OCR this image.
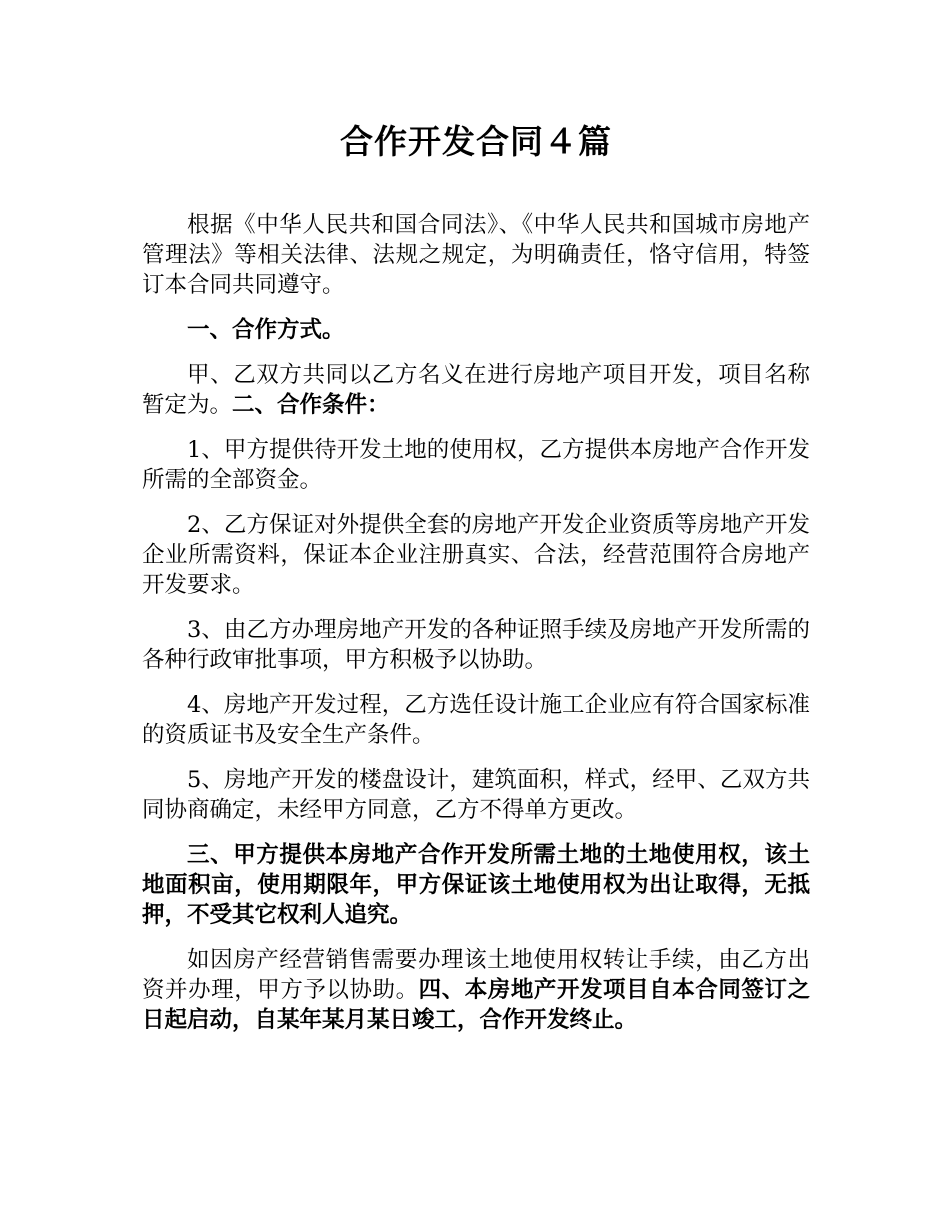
合作开发合同４篇

根据《中华人民共和国合同法》、《中华人民共和国城市房地产管理法》等相关法律、法规之规定，为明确责任，恪守信用，特签订本合同共同遵守。

一、合作方式。

甲、乙双方共同以乙方名义在进行房地产项目开发，项目名称暂定为。二、合作条件：

1、甲方提供待开发土地的使用权，乙方提供本房地产合作开发所需的全部资金。

2、乙方保证对外提供全套的房地产开发企业资质等房地产开发企业所需资料，保证本企业注册真实、合法，经营范围符合房地产开发要求。

3、由乙方办理房地产开发的各种证照手续及房地产开发所需的各种行政审批事项，甲方积极予以协助。

4、房地产开发过程，乙方选任设计施工企业应有符合国家标准的资质证书及安全生产条件。

5、房地产开发的楼盘设计，建筑面积，样式，经甲、乙双方共同协商确定，未经甲方同意，乙方不得单方更改。

三、甲方提供本房地产合作开发所需土地的土地使用权，该土地面积亩，使用期限年，甲方保证该土地使用权为出让取得，无抵押，不受其它权利人追究。

如因房产经营销售需要办理该土地使用权转让手续，由乙方出资并办理，甲方予以协助。四、本房地产开发项目自本合同签订之日起启动，自某年某月某日竣工，合作开发终止。
